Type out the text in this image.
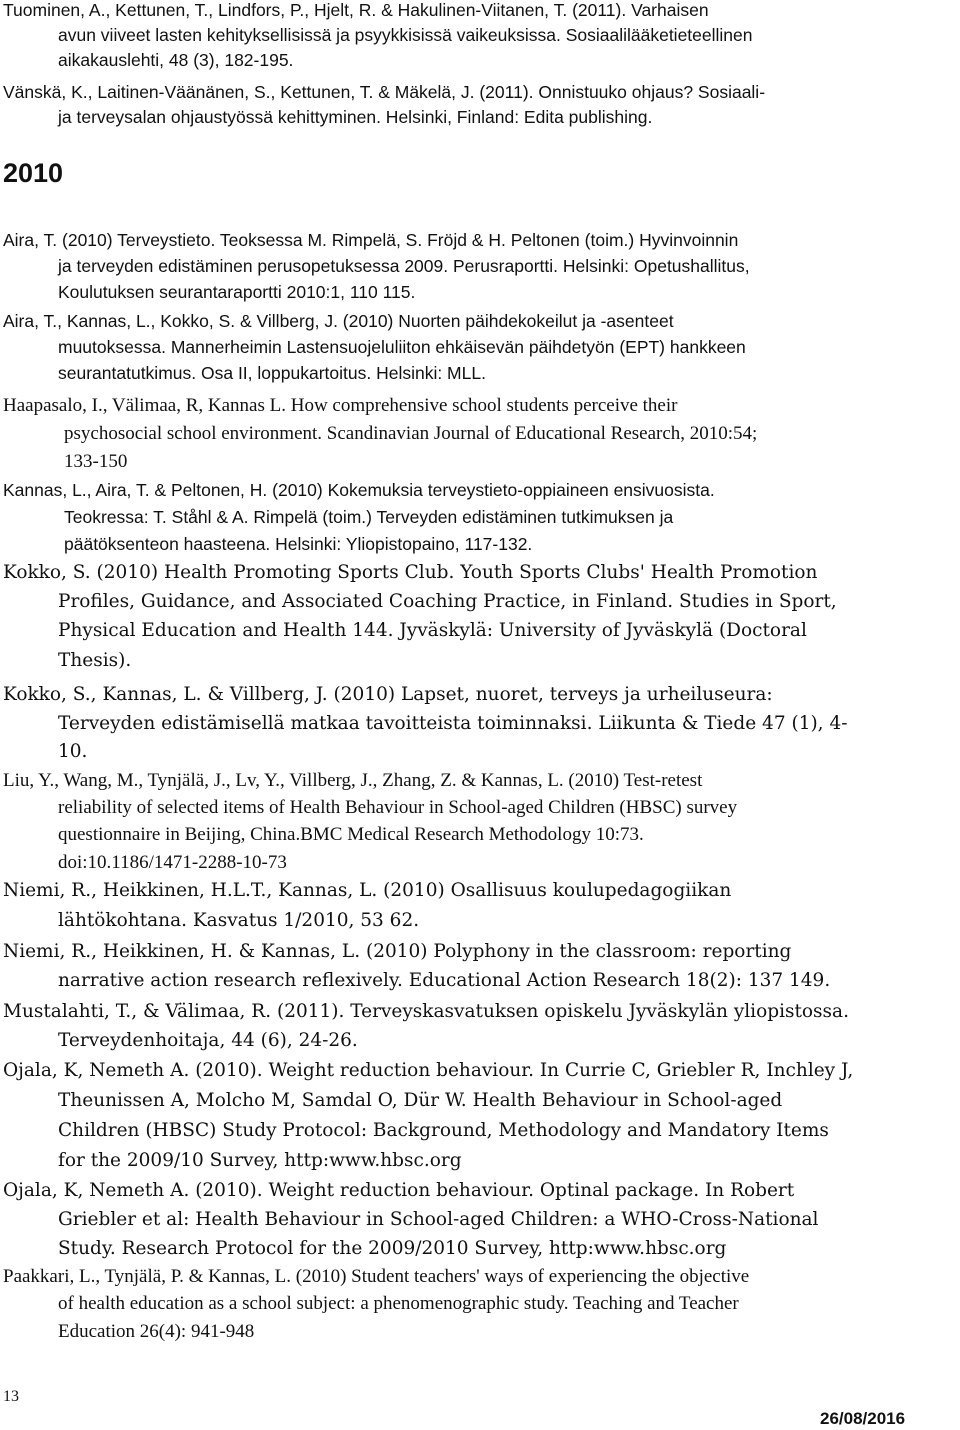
Tuominen, A., Kettunen, T., Lindfors, P., Hjelt, R. & Hakulinen-Viitanen, T. (2011). Varhaisen
avun viiveet lasten kehityksellisissä ja psyykkisissä vaikeuksissa. Sosiaalilääketieteellinen
aikakauslehti, 48 (3), 182-195.
Vänskä, K., Laitinen-Väänänen, S., Kettunen, T. & Mäkelä, J. (2011). Onnistuuko ohjaus? Sosiaali-
ja terveysalan ohjaustyössä kehittyminen. Helsinki, Finland: Edita publishing.
2010
Aira, T. (2010) Terveystieto. Teoksessa M. Rimpelä, S. Fröjd & H. Peltonen (toim.) Hyvinvoinnin
ja terveyden edistäminen perusopetuksessa 2009. Perusraportti. Helsinki: Opetushallitus,
Koulutuksen seurantaraportti 2010:1, 110 115.
Aira, T., Kannas, L., Kokko, S. & Villberg, J. (2010) Nuorten päihdekokeilut ja -asenteet
muutoksessa. Mannerheimin Lastensuojeluliiton ehkäisevän päihdetyön (EPT) hankkeen
seurantatutkimus. Osa II, loppukartoitus. Helsinki: MLL.
Haapasalo, I., Välimaa, R, Kannas L. How comprehensive school students perceive their
psychosocial school environment. Scandinavian Journal of Educational Research, 2010:54;
133-150
Kannas, L., Aira, T. & Peltonen, H. (2010) Kokemuksia terveystieto-oppiaineen ensivuosista.
Teokressa: T. Ståhl & A. Rimpelä (toim.) Terveyden edistäminen tutkimuksen ja
päätöksenteon haasteena. Helsinki: Yliopistopaino, 117-132.
Kokko, S. (2010) Health Promoting Sports Club. Youth Sports Clubs' Health Promotion
Profiles, Guidance, and Associated Coaching Practice, in Finland. Studies in Sport,
Physical Education and Health 144. Jyväskylä: University of Jyväskylä (Doctoral
Thesis).
Kokko, S., Kannas, L. & Villberg, J. (2010) Lapset, nuoret, terveys ja urheiluseura:
Terveyden edistämisellä matkaa tavoitteista toiminnaksi. Liikunta & Tiede 47 (1), 4-
10.
Liu, Y., Wang, M., Tynjälä, J., Lv, Y., Villberg, J., Zhang, Z. & Kannas, L. (2010) Test-retest
reliability of selected items of Health Behaviour in School-aged Children (HBSC) survey
questionnaire in Beijing, China.BMC Medical Research Methodology 10:73.
doi:10.1186/1471-2288-10-73
Niemi, R., Heikkinen, H.L.T., Kannas, L. (2010) Osallisuus koulupedagogiikan
lähtökohtana. Kasvatus 1/2010, 53 62.
Niemi, R., Heikkinen, H. & Kannas, L. (2010) Polyphony in the classroom: reporting
narrative action research reflexively. Educational Action Research 18(2): 137 149.
Mustalahti, T., & Välimaa, R. (2011). Terveyskasvatuksen opiskelu Jyväskylän yliopistossa.
Terveydenhoitaja, 44 (6), 24-26.
Ojala, K, Nemeth A. (2010). Weight reduction behaviour. In Currie C, Griebler R, Inchley J,
Theunissen A, Molcho M, Samdal O, Dür W. Health Behaviour in School-aged
Children (HBSC) Study Protocol: Background, Methodology and Mandatory Items
for the 2009/10 Survey, http:www.hbsc.org
Ojala, K, Nemeth A. (2010). Weight reduction behaviour. Optinal package. In Robert
Griebler et al: Health Behaviour in School-aged Children: a WHO-Cross-National
Study. Research Protocol for the 2009/2010 Survey, http:www.hbsc.org
Paakkari, L., Tynjälä, P. & Kannas, L. (2010) Student teachers' ways of experiencing the objective
of health education as a school subject: a phenomenographic study. Teaching and Teacher
Education 26(4): 941-948
13
26/08/2016
